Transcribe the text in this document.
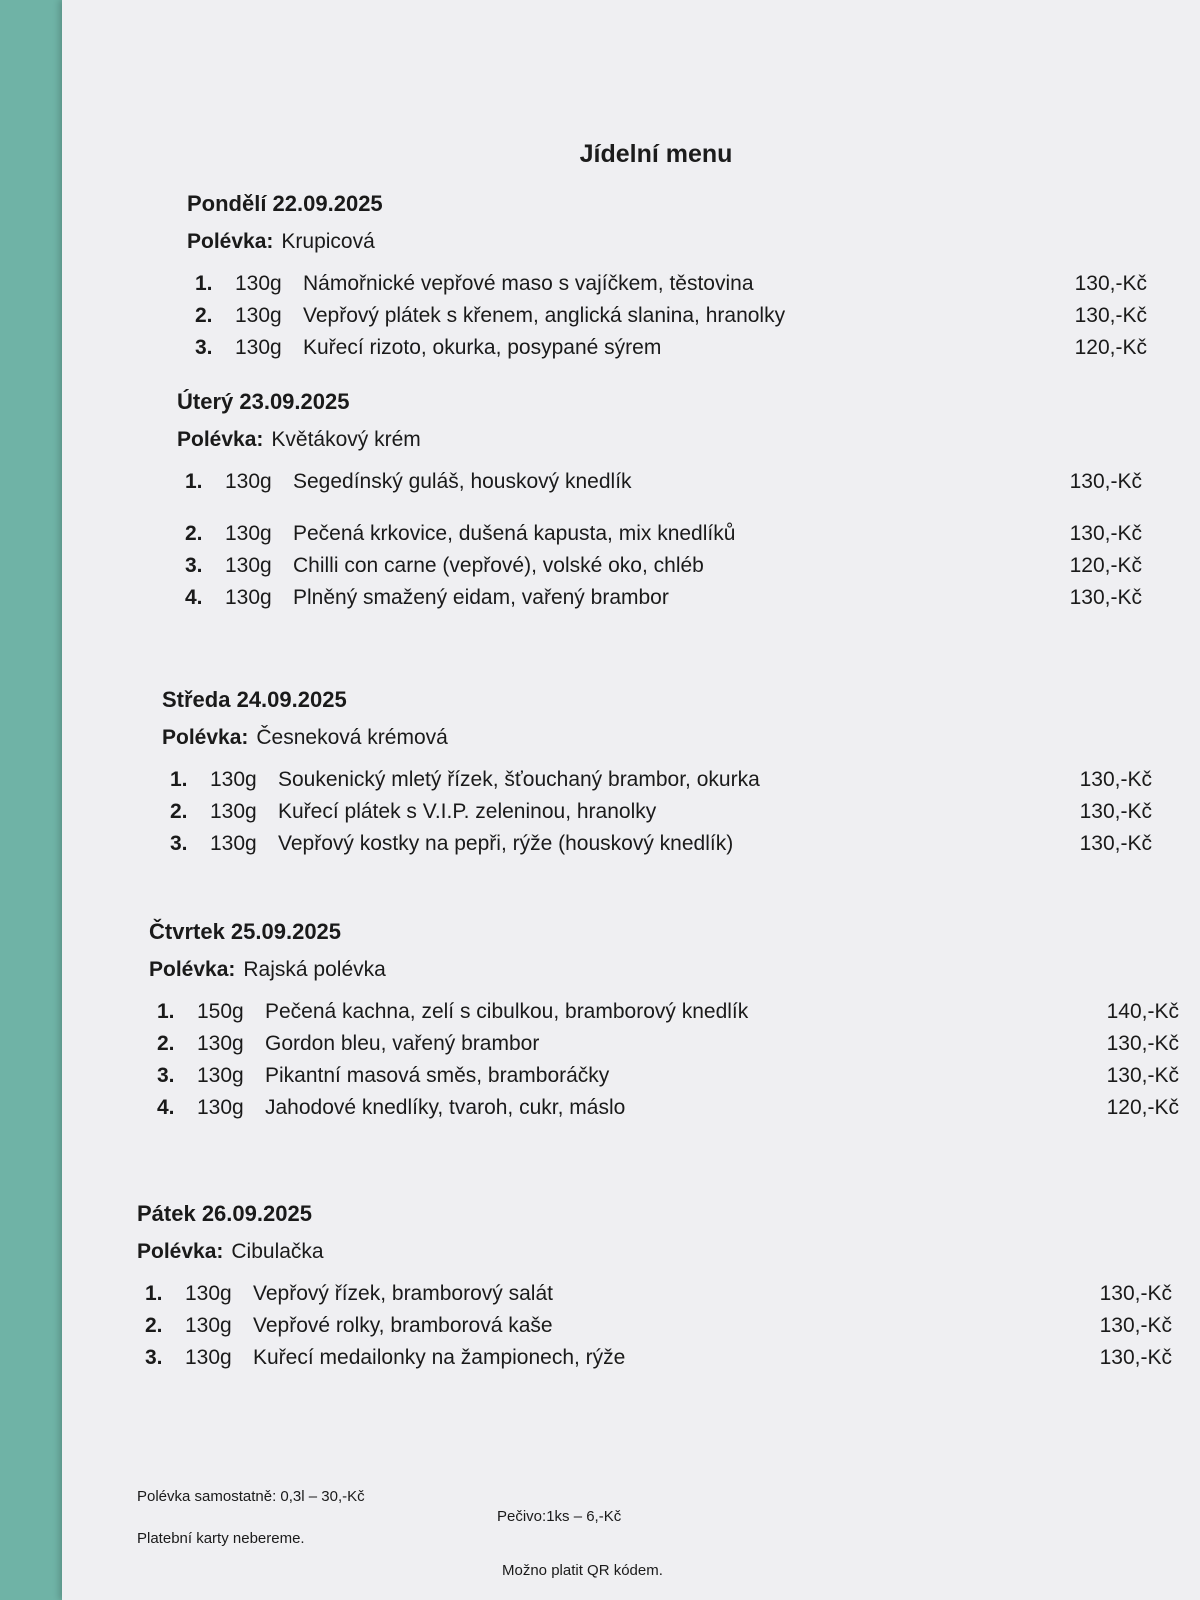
Jídelní menu
Pondělí 22.09.2025
Polévka: Krupicová
1.	130g	Námořnické vepřové maso s vajíčkem, těstovina	130,-Kč
2.	130g	Vepřový plátek s křenem, anglická slanina, hranolky	130,-Kč
3.	130g	Kuřecí rizoto, okurka, posypané sýrem	120,-Kč
Úterý 23.09.2025
Polévka: Květákový krém
1.	130g	Segedínský guláš, houskový knedlík	130,-Kč
2.	130g	Pečená krkovice, dušená kapusta, mix knedlíků	130,-Kč
3.	130g	Chilli con carne (vepřové), volské oko, chléb	120,-Kč
4.	130g	Plněný smažený eidam, vařený brambor	130,-Kč
Středa 24.09.2025
Polévka: Česneková krémová
1.	130g	Soukenický mletý řízek, šťouchaný brambor, okurka	130,-Kč
2.	130g	Kuřecí plátek s V.I.P. zeleninou, hranolky	130,-Kč
3.	130g	Vepřový kostky na pepři, rýže (houskový knedlík)	130,-Kč
Čtvrtek 25.09.2025
Polévka: Rajská polévka
1.	150g	Pečená kachna, zelí s cibulkou, bramborový knedlík	140,-Kč
2.	130g	Gordon bleu, vařený brambor	130,-Kč
3.	130g	Pikantní masová směs, bramboráčky	130,-Kč
4.	130g	Jahodové knedlíky, tvaroh, cukr, máslo	120,-Kč
Pátek 26.09.2025
Polévka: Cibulačka
1.	130g	Vepřový řízek, bramborový salát	130,-Kč
2.	130g	Vepřové rolky, bramborová kaše	130,-Kč
3.	130g	Kuřecí medailonky na žampionech, rýže	130,-Kč
Polévka samostatně: 0,3l – 30,-Kč
Pečivo:1ks – 6,-Kč
Platební karty nebereme.
Možno platit QR kódem.
